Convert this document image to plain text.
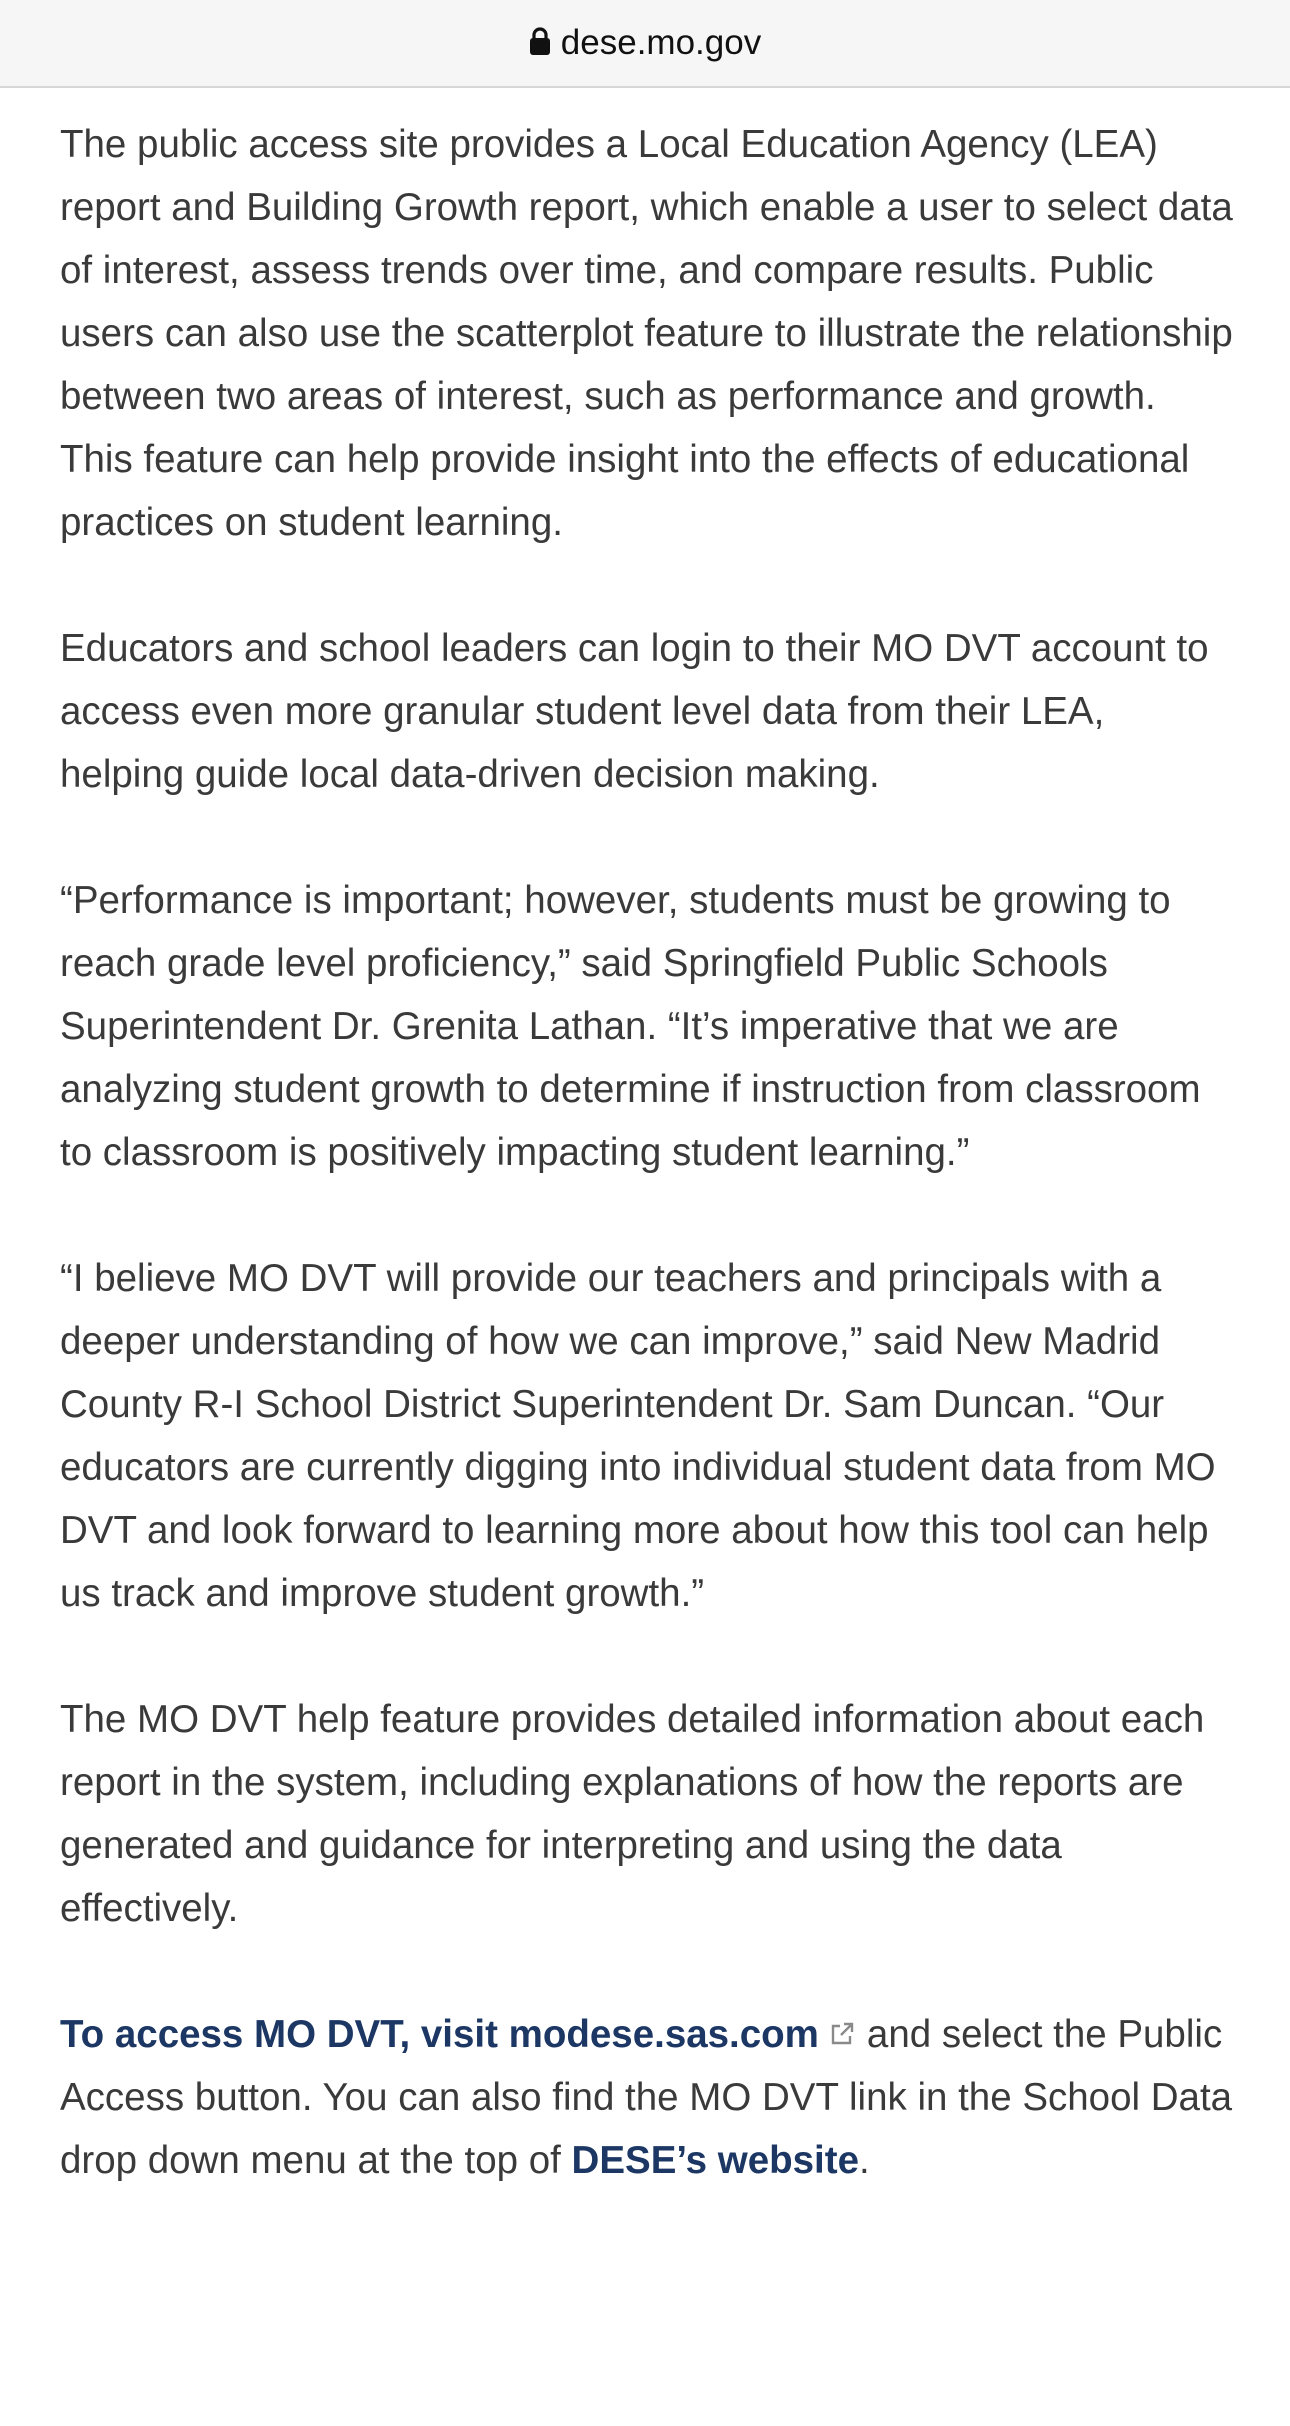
dese.mo.gov

The public access site provides a Local Education Agency (LEA) report and Building Growth report, which enable a user to select data of interest, assess trends over time, and compare results. Public users can also use the scatterplot feature to illustrate the relationship between two areas of interest, such as performance and growth. This feature can help provide insight into the effects of educational practices on student learning.

Educators and school leaders can login to their MO DVT account to access even more granular student level data from their LEA, helping guide local data-driven decision making.

“Performance is important; however, students must be growing to reach grade level proficiency,” said Springfield Public Schools Superintendent Dr. Grenita Lathan. “It’s imperative that we are analyzing student growth to determine if instruction from classroom to classroom is positively impacting student learning.”

“I believe MO DVT will provide our teachers and principals with a deeper understanding of how we can improve,” said New Madrid County R-I School District Superintendent Dr. Sam Duncan. “Our educators are currently digging into individual student data from MO DVT and look forward to learning more about how this tool can help us track and improve student growth.”

The MO DVT help feature provides detailed information about each report in the system, including explanations of how the reports are generated and guidance for interpreting and using the data effectively.

To access MO DVT, visit modese.sas.com and select the Public Access button. You can also find the MO DVT link in the School Data drop down menu at the top of DESE’s website.
